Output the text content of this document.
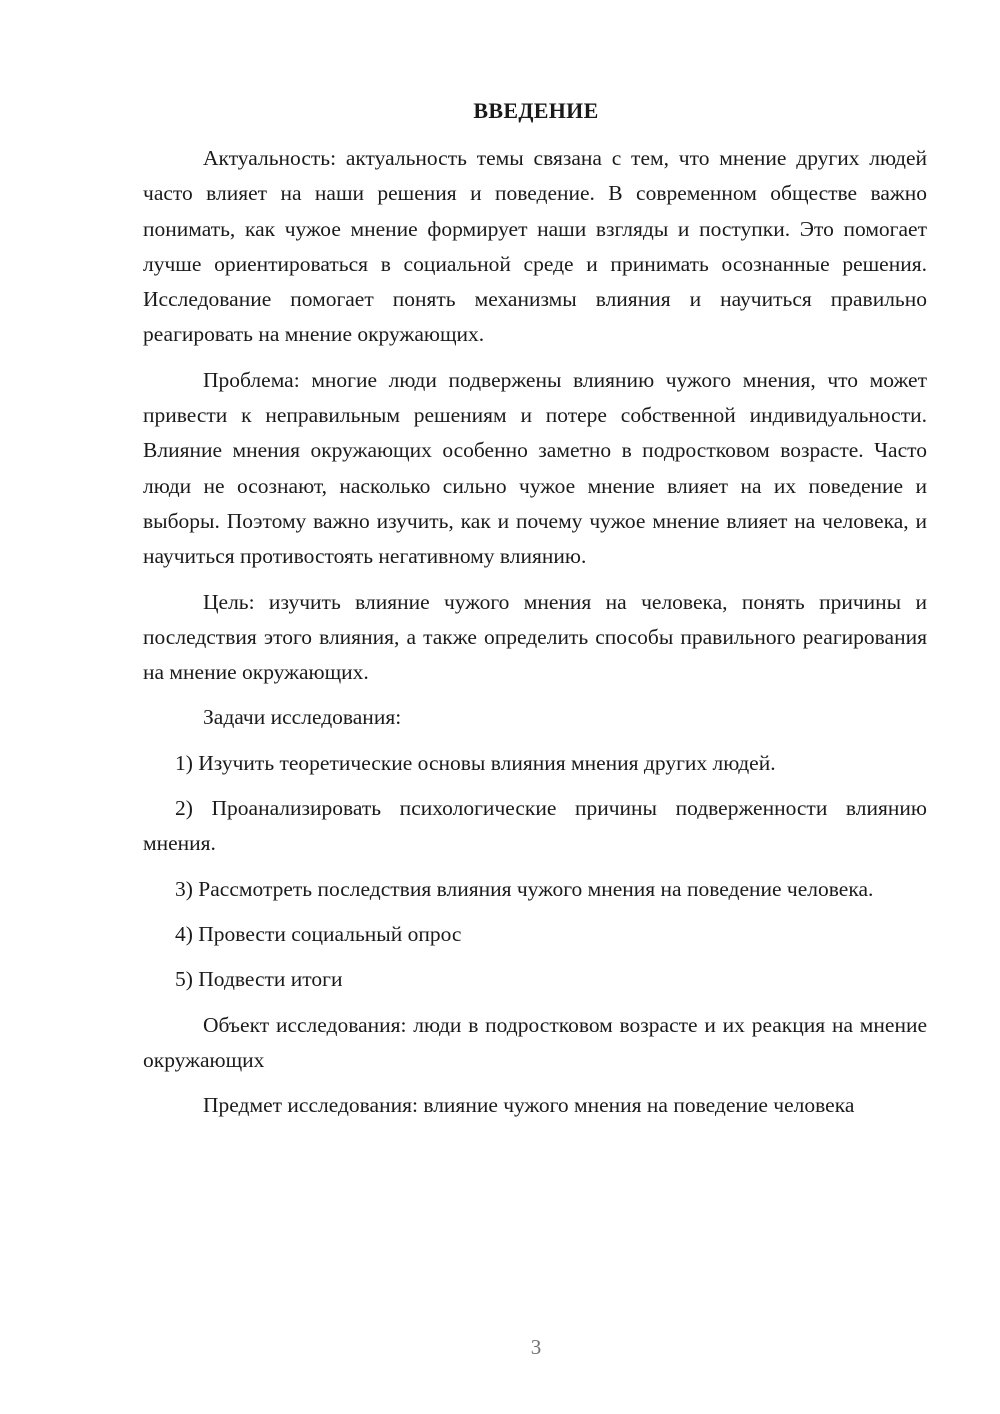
ВВЕДЕНИЕ

Актуальность: актуальность темы связана с тем, что мнение других людей часто влияет на наши решения и поведение. В современном обществе важно понимать, как чужое мнение формирует наши взгляды и поступки. Это помогает лучше ориентироваться в социальной среде и принимать осознанные решения. Исследование помогает понять механизмы влияния и научиться правильно реагировать на мнение окружающих.

Проблема: многие люди подвержены влиянию чужого мнения, что может привести к неправильным решениям и потере собственной индивидуальности. Влияние мнения окружающих особенно заметно в подростковом возрасте. Часто люди не осознают, насколько сильно чужое мнение влияет на их поведение и выборы. Поэтому важно изучить, как и почему чужое мнение влияет на человека, и научиться противостоять негативному влиянию.

Цель: изучить влияние чужого мнения на человека, понять причины и последствия этого влияния, а также определить способы правильного реагирования на мнение окружающих.

Задачи исследования:

1) Изучить теоретические основы влияния мнения других людей.

2) Проанализировать психологические причины подверженности влиянию мнения.

3) Рассмотреть последствия влияния чужого мнения на поведение человека.

4) Провести социальный опрос

5) Подвести итоги

Объект исследования: люди в подростковом возрасте и их реакция на мнение окружающих

Предмет исследования: влияние чужого мнения на поведение человека

3
